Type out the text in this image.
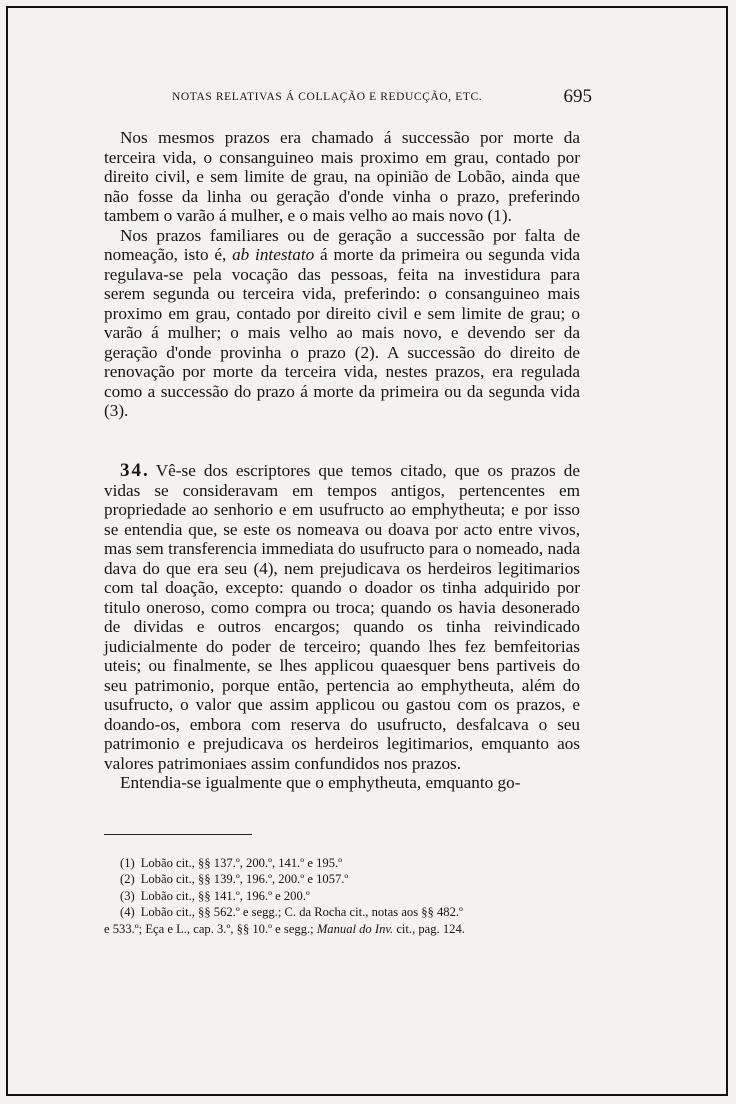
NOTAS RELATIVAS Á COLLAÇÃO E REDUCÇÃO, ETC.	695

Nos mesmos prazos era chamado á successão por morte da terceira vida, o consanguineo mais proximo em grau, contado por direito civil, e sem limite de grau, na opinião de Lobão, ainda que não fosse da linha ou geração d'onde vinha o prazo, preferindo tambem o varão á mulher, e o mais velho ao mais novo (1).

Nos prazos familiares ou de geração a successão por falta de nomeação, isto é, ab intestato á morte da primeira ou segunda vida regulava-se pela vocação das pessoas, feita na investidura para serem segunda ou terceira vida, preferindo: o consanguineo mais proximo em grau, contado por direito civil e sem limite de grau; o varão á mulher; o mais velho ao mais novo, e devendo ser da geração d'onde provinha o prazo (2). A successão do direito de renovação por morte da terceira vida, nestes prazos, era regulada como a successão do prazo á morte da primeira ou da segunda vida (3).

34. Vê-se dos escriptores que temos citado, que os prazos de vidas se consideravam em tempos antigos, pertencentes em propriedade ao senhorio e em usufructo ao emphytheuta; e por isso se entendia que, se este os nomeava ou doava por acto entre vivos, mas sem transferencia immediata do usufructo para o nomeado, nada dava do que era seu (4), nem prejudicava os herdeiros legitimarios com tal doação, excepto: quando o doador os tinha adquirido por titulo oneroso, como compra ou troca; quando os havia desonerado de dividas e outros encargos; quando os tinha reivindicado judicialmente do poder de terceiro; quando lhes fez bemfeitorias uteis; ou finalmente, se lhes applicou quaesquer bens partiveis do seu patrimonio, porque então, pertencia ao emphytheuta, além do usufructo, o valor que assim applicou ou gastou com os prazos, e doando-os, embora com reserva do usufructo, desfalcava o seu patrimonio e prejudicava os herdeiros legitimarios, emquanto aos valores patrimoniaes assim confundidos nos prazos.

Entendia-se igualmente que o emphytheuta, emquanto go-

(1) Lobão cit., §§ 137.º, 200.º, 141.º e 195.º

(2) Lobão cit., §§ 139.º, 196.º, 200.º e 1057.º

(3) Lobão cit., §§ 141.º, 196.º e 200.º

(4) Lobão cit., §§ 562.º e segg.; C. da Rocha cit., notas aos §§ 482.º

e 533.º; Eça e L., cap. 3.º, §§ 10.º e segg.; Manual do Inv. cit., pag. 124.
